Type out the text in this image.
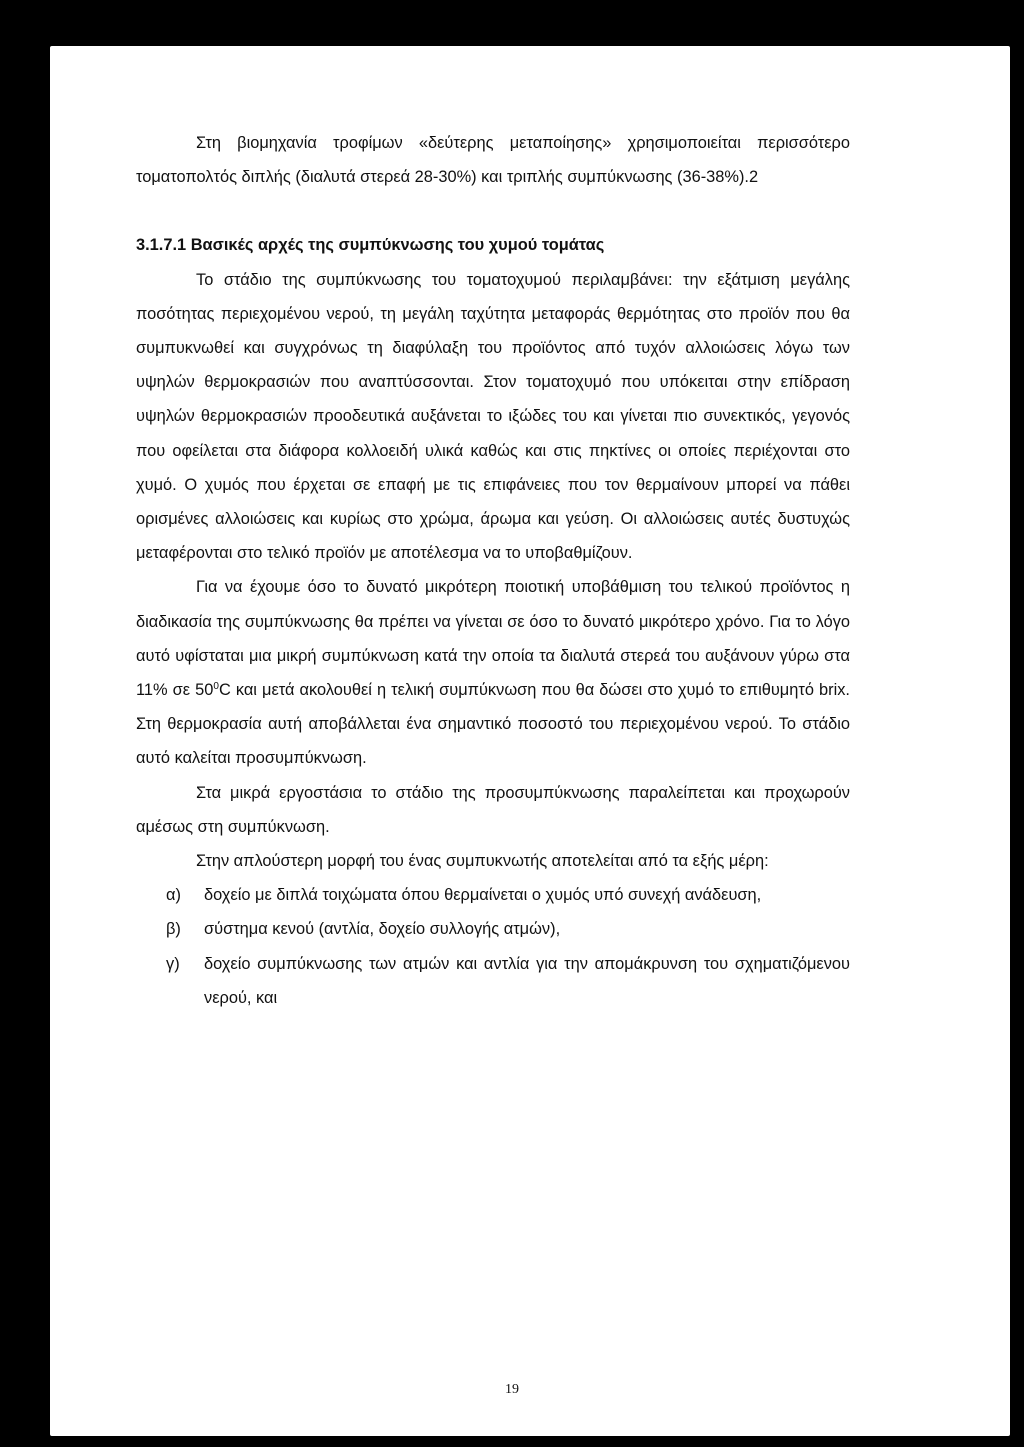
Στη βιομηχανία τροφίμων «δεύτερης μεταποίησης» χρησιμοποιείται περισσότερο τοματοπολτός διπλής (διαλυτά στερεά 28-30%) και τριπλής συμπύκνωσης (36-38%).2

3.1.7.1 Βασικές αρχές της συμπύκνωσης του χυμού τομάτας

Το στάδιο της συμπύκνωσης του τοματοχυμού περιλαμβάνει: την εξάτμιση μεγάλης ποσότητας περιεχομένου νερού, τη μεγάλη ταχύτητα μεταφοράς θερμότητας στο προϊόν που θα συμπυκνωθεί και συγχρόνως τη διαφύλαξη του προϊόντος από τυχόν αλλοιώσεις λόγω των υψηλών θερμοκρασιών που αναπτύσσονται. Στον τοματοχυμό που υπόκειται στην επίδραση υψηλών θερμοκρασιών προοδευτικά αυξάνεται το ιξώδες του και γίνεται πιο συνεκτικός, γεγονός που οφείλεται στα διάφορα κολλοειδή υλικά καθώς και στις πηκτίνες οι οποίες περιέχονται στο χυμό. Ο χυμός που έρχεται σε επαφή με τις επιφάνειες που τον θερμαίνουν μπορεί να πάθει ορισμένες αλλοιώσεις και κυρίως στο χρώμα, άρωμα και γεύση. Οι αλλοιώσεις αυτές δυστυχώς μεταφέρονται στο τελικό προϊόν με αποτέλεσμα να το υποβαθμίζουν.

Για να έχουμε όσο το δυνατό μικρότερη ποιοτική υποβάθμιση του τελικού προϊόντος η διαδικασία της συμπύκνωσης θα πρέπει να γίνεται σε όσο το δυνατό μικρότερο χρόνο. Για το λόγο αυτό υφίσταται μια μικρή συμπύκνωση κατά την οποία τα διαλυτά στερεά του αυξάνουν γύρω στα 11% σε $50^0C$ και μετά ακολουθεί η τελική συμπύκνωση που θα δώσει στο χυμό το επιθυμητό brix. Στη θερμοκρασία αυτή αποβάλλεται ένα σημαντικό ποσοστό του περιεχομένου νερού. Το στάδιο αυτό καλείται προσυμπύκνωση.

Στα μικρά εργοστάσια το στάδιο της προσυμπύκνωσης παραλείπεται και προχωρούν αμέσως στη συμπύκνωση.

Στην απλούστερη μορφή του ένας συμπυκνωτής αποτελείται από τα εξής μέρη:

α)	δοχείο με διπλά τοιχώματα όπου θερμαίνεται ο χυμός υπό συνεχή ανάδευση,
β)	σύστημα κενού (αντλία, δοχείο συλλογής ατμών),
γ)	δοχείο συμπύκνωσης των ατμών και αντλία για την απομάκρυνση του σχηματιζόμενου νερού, και
19
